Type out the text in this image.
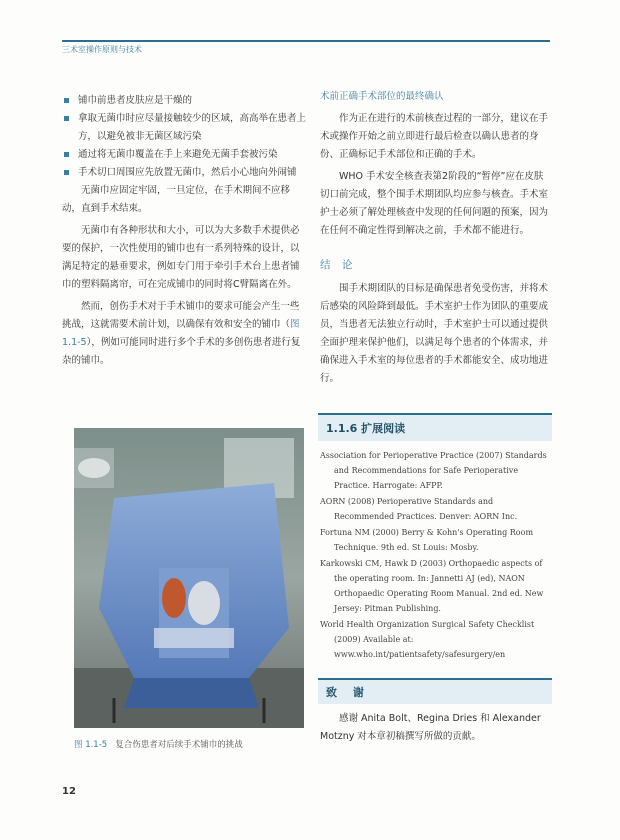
三术室操作原则与技术

铺巾前患者皮肤应是干燥的

拿取无菌巾时应尽量接触较少的区域，高高举在患者上方，以避免被非无菌区域污染

通过将无菌巾覆盖在手上来避免无菌手套被污染

手术切口周围应先放置无菌巾，然后小心地向外闹铺

无菌巾应固定牢固，一旦定位，在手术期间不应移动，直到手术结束。

无菌巾有各种形状和大小，可以为大多数手术提供必要的保护，一次性使用的铺巾也有一系列特殊的设计，以满足特定的悬垂要求，例如专门用于牵引手术台上患者铺巾的塑料隔离帘，可在完成铺巾的同时将C臂隔离在外。

然而，创伤手术对于手术铺巾的要求可能会产生一些挑战，这就需要术前计划，以确保有效和安全的铺巾（图 1.1-5），例如可能同时进行多个手术的多创伤患者进行复杂的铺巾。

术前正确手术部位的最终确认

作为正在进行的术前核查过程的一部分，建议在手术或操作开始之前立即进行最后检查以确认患者的身份、正确标记手术部位和正确的手术。

WHO 手术安全核查表第2阶段的“暂停”应在皮肤切口前完成，整个围手术期团队均应参与核查。手术室护士必须了解处理核查中发现的任何问题的预案，因为在任何不确定性得到解决之前，手术都不能进行。

结 论

围手术期团队的目标是确保患者免受伤害，并将术后感染的风险降到最低。手术室护士作为团队的重要成员，当患者无法独立行动时，手术室护士可以通过提供全面护理来保护他们，以满足每个患者的个体需求，并确保进入手术室的每位患者的手术都能安全、成功地进行。

1.1.6 扩展阅读

Association for Perioperative Practice (2007) Standards and Recommendations for Safe Perioperative Practice. Harrogate: AFPP.

AORN (2008) Perioperative Standards and Recommended Practices. Denver: AORN Inc.

Fortuna NM (2000) Berry & Kohn's Operating Room Technique. 9th ed. St Louis: Mosby.

Karkowski CM, Hawk D (2003) Orthopaedic aspects of the operating room. In: Jannetti AJ (ed), NAON Orthopaedic Operating Room Manual. 2nd ed. New Jersey: Pitman Publishing.

World Health Organization Surgical Safety Checklist (2009) Available at: www.who.int/patientsafety/safesurgery/en

致 谢

感谢 Anita Bolt、Regina Dries 和 Alexander Motzny 对本章初稿撰写所做的贡献。

图 1.1-5 复合伤患者对后续手术铺巾的挑战
12
